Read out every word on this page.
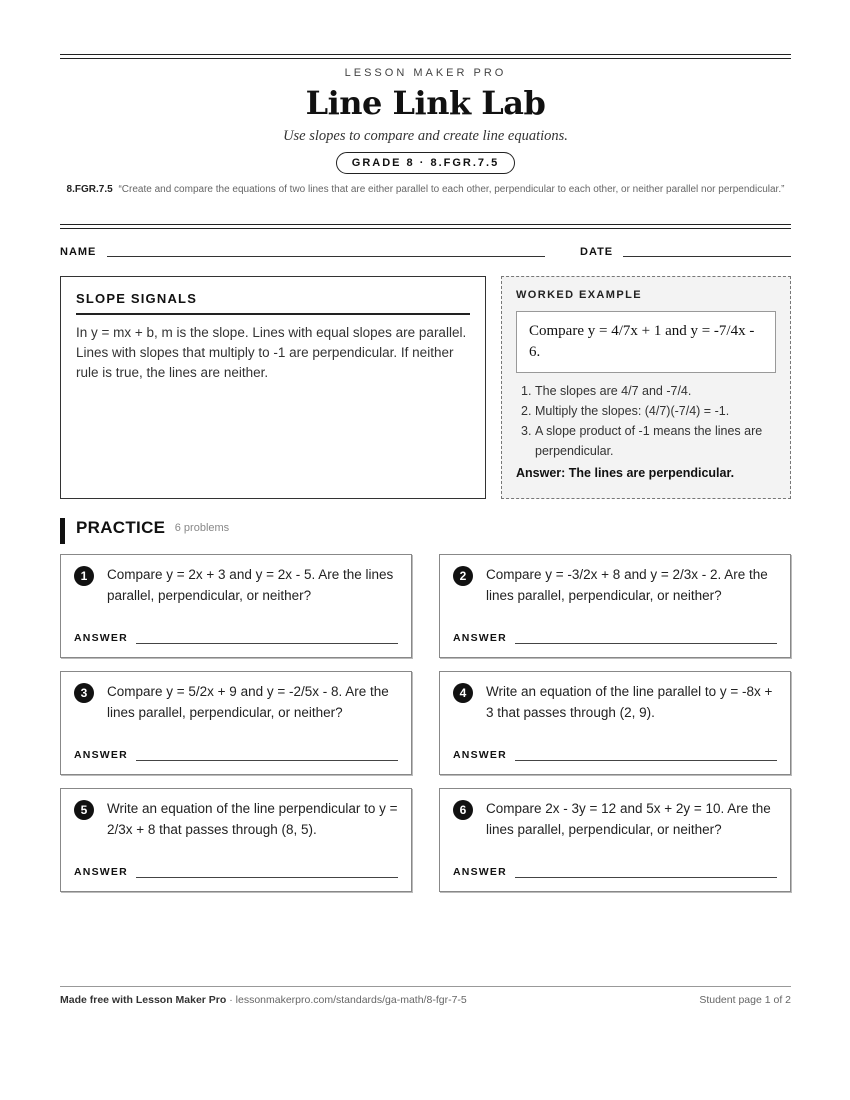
LESSON MAKER PRO
Line Link Lab
Use slopes to compare and create line equations.
GRADE 8 · 8.FGR.7.5
8.FGR.7.5 “Create and compare the equations of two lines that are either parallel to each other, perpendicular to each other, or neither parallel nor perpendicular.”
NAME	DATE
SLOPE SIGNALS

In y = mx + b, m is the slope. Lines with equal slopes are parallel. Lines with slopes that multiply to -1 are perpendicular. If neither rule is true, the lines are neither.

WORKED EXAMPLE
Compare y = 4/7x + 1 and y = -7/4x - 6.
1. The slopes are 4/7 and -7/4.
2. Multiply the slopes: (4/7)(-7/4) = -1.
3. A slope product of -1 means the lines are perpendicular.
Answer: The lines are perpendicular.
PRACTICE 6 problems
1	Compare y = 2x + 3 and y = 2x - 5. Are the lines parallel, perpendicular, or neither?
ANSWER
2	Compare y = -3/2x + 8 and y = 2/3x - 2. Are the lines parallel, perpendicular, or neither?
ANSWER
3	Compare y = 5/2x + 9 and y = -2/5x - 8. Are the lines parallel, perpendicular, or neither?
ANSWER
4	Write an equation of the line parallel to y = -8x + 3 that passes through (2, 9).
ANSWER
5	Write an equation of the line perpendicular to y = 2/3x + 8 that passes through (8, 5).
ANSWER
6	Compare 2x - 3y = 12 and 5x + 2y = 10. Are the lines parallel, perpendicular, or neither?
ANSWER
Made free with Lesson Maker Pro · lessonmakerpro.com/standards/ga-math/8-fgr-7-5	Student page 1 of 2
